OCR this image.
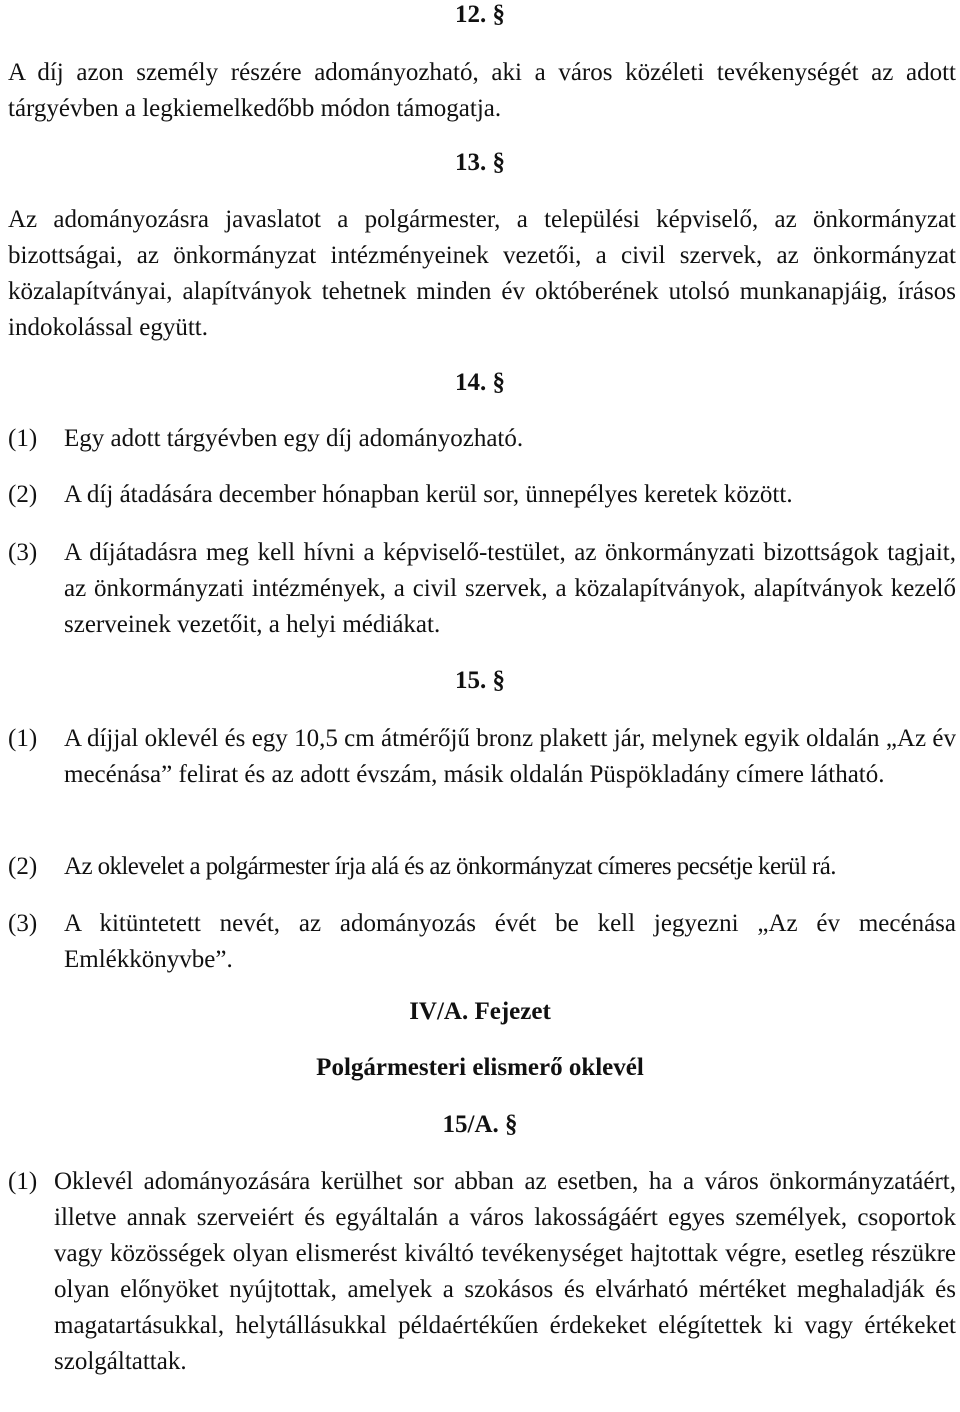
12. §
A díj azon személy részére adományozható, aki a város közéleti tevékenységét az adott tárgyévben a legkiemelkedőbb módon támogatja.
13. §
Az adományozásra javaslatot a polgármester, a települési képviselő, az önkormányzat bizottságai, az önkormányzat intézményeinek vezetői, a civil szervek, az önkormányzat közalapítványai, alapítványok tehetnek minden év októberének utolsó munkanapjáig, írásos indokolással együtt.
14. §
(1)	Egy adott tárgyévben egy díj adományozható.
(2)	A díj átadására december hónapban kerül sor, ünnepélyes keretek között.
(3)	A díjátadásra meg kell hívni a képviselő-testület, az önkormányzati bizottságok tagjait, az önkormányzati intézmények, a civil szervek, a közalapítványok, alapítványok kezelő szerveinek vezetőit, a helyi médiákat.
15. §
(1)	A díjjal oklevél és egy 10,5 cm átmérőjű bronz plakett jár, melynek egyik oldalán „Az év mecénása” felirat és az adott évszám, másik oldalán Püspökladány címere látható.
(2)	Az oklevelet a polgármester írja alá és az önkormányzat címeres pecsétje kerül rá.
(3)	A kitüntetett nevét, az adományozás évét be kell jegyezni „Az év mecénása Emlékkönyvbe”.
IV/A. Fejezet
Polgármesteri elismerő oklevél
15/A. §
(1) Oklevél adományozására kerülhet sor abban az esetben, ha a város önkormányzatáért, illetve annak szerveiért és egyáltalán a város lakosságáért egyes személyek, csoportok vagy közösségek olyan elismerést kiváltó tevékenységet hajtottak végre, esetleg részükre olyan előnyöket nyújtottak, amelyek a szokásos és elvárható mértéket meghaladják és magatartásukkal, helytállásukkal példaértékűen érdekeket elégítettek ki vagy értékeket szolgáltattak.
